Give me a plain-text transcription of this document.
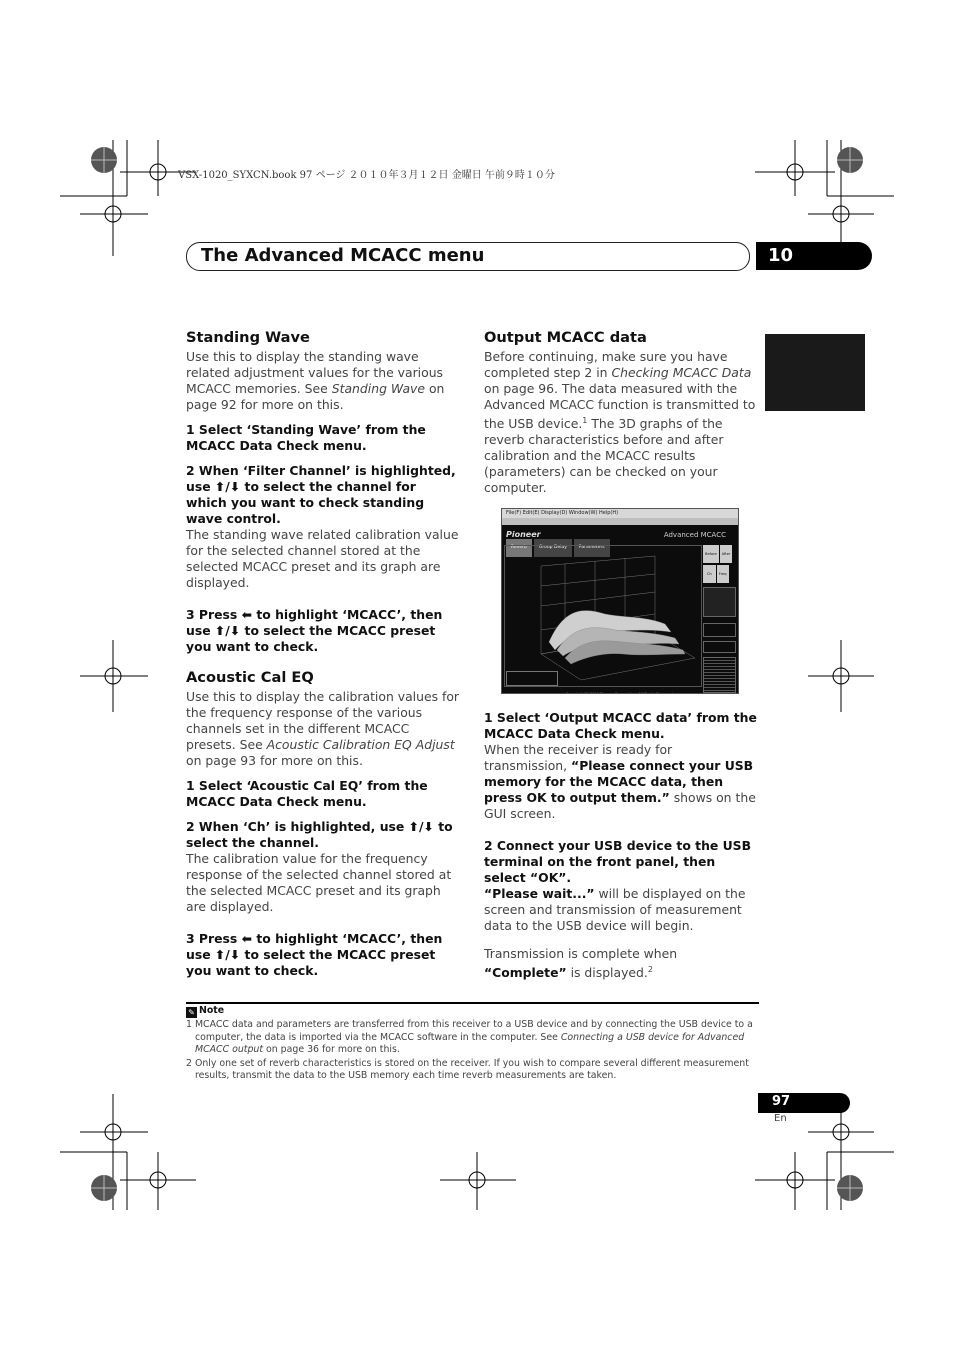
VSX-1020_SYXCN.book 97 ページ ２０１０年３月１２日 金曜日 午前９時１０分
The Advanced MCACC menu	10
English
Standing Wave

Use this to display the standing wave related adjustment values for the various MCACC memories. See Standing Wave on page 92 for more on this.

1 Select ‘Standing Wave’ from the MCACC Data Check menu.

2 When ‘Filter Channel’ is highlighted, use ⬆/⬇ to select the channel for which you want to check standing wave control.

The standing wave related calibration value for the selected channel stored at the selected MCACC preset and its graph are displayed.

3 Press ⬅ to highlight ‘MCACC’, then use ⬆/⬇ to select the MCACC preset you want to check.

Acoustic Cal EQ

Use this to display the calibration values for the frequency response of the various channels set in the different MCACC presets. See Acoustic Calibration EQ Adjust on page 93 for more on this.

1 Select ‘Acoustic Cal EQ’ from the MCACC Data Check menu.

2 When ‘Ch’ is highlighted, use ⬆/⬇ to select the channel.

The calibration value for the frequency response of the selected channel stored at the selected MCACC preset and its graph are displayed.

3 Press ⬅ to highlight ‘MCACC’, then use ⬆/⬇ to select the MCACC preset you want to check.

Output MCACC data

Before continuing, make sure you have completed step 2 in Checking MCACC Data on page 96. The data measured with the Advanced MCACC function is transmitted to the USB device.$^1$ The 3D graphs of the reverb characteristics before and after calibration and the MCACC results (parameters) can be checked on your computer.

File(F) Edit(E) Display(D) Window(W) Help(H)
Pioneer	Advanced MCACC
Reverb	Group Delay	Parameters
Before	After
Ch	Freq
Copyright(C) 2010 Pioneer Corporation. All Rights Reserved.

1 Select ‘Output MCACC data’ from the MCACC Data Check menu.

When the receiver is ready for transmission, “Please connect your USB memory for the MCACC data, then press OK to output them.” shows on the GUI screen.

2 Connect your USB device to the USB terminal on the front panel, then select “OK”.

“Please wait...” will be displayed on the screen and transmission of measurement data to the USB device will begin.

Transmission is complete when “Complete” is displayed.$^2$

✎ Note
1 MCACC data and parameters are transferred from this receiver to a USB device and by connecting the USB device to a computer, the data is imported via the MCACC software in the computer. See Connecting a USB device for Advanced MCACC output on page 36 for more on this.
2 Only one set of reverb characteristics is stored on the receiver. If you wish to compare several different measurement results, transmit the data to the USB memory each time reverb measurements are taken.
97
En
